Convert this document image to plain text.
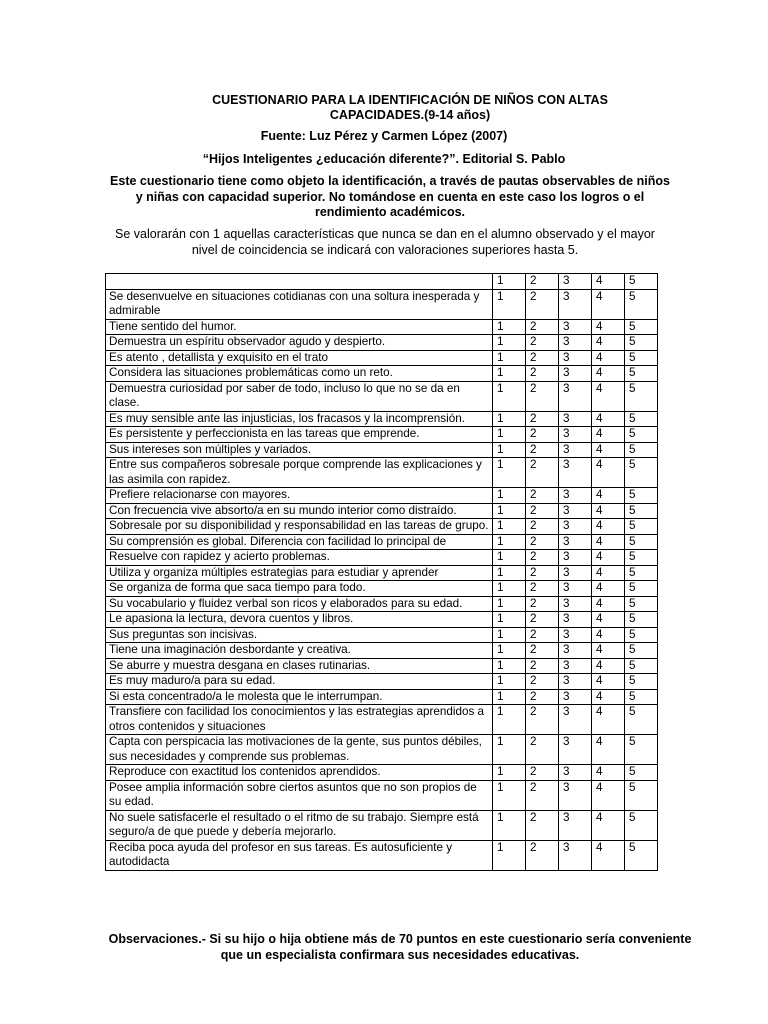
CUESTIONARIO PARA LA IDENTIFICACIÓN DE NIÑOS CON ALTAS CAPACIDADES.(9-14 años)
Fuente: Luz Pérez y Carmen López (2007)
“Hijos Inteligentes ¿educación diferente?”. Editorial S. Pablo
Este cuestionario tiene como objeto la identificación, a través de pautas observables de niños y niñas con capacidad superior. No tomándose en cuenta en este caso los logros o el rendimiento académicos.
Se valorarán con 1 aquellas características que nunca se dan en el alumno observado y el mayor nivel de coincidencia se indicará con valoraciones superiores hasta 5.
	1	2	3	4	5
Se desenvuelve en situaciones cotidianas con una soltura inesperada y admirable	1	2	3	4	5
Tiene sentido del humor.	1	2	3	4	5
Demuestra un espíritu observador agudo y despierto.	1	2	3	4	5
Es atento , detallista y exquisito en el trato	1	2	3	4	5
Considera las situaciones problemáticas como un reto.	1	2	3	4	5
Demuestra curiosidad por saber de todo, incluso lo que no se da en clase.	1	2	3	4	5
Es muy sensible ante las injusticias, los fracasos y la incomprensión.	1	2	3	4	5
Es persistente y perfeccionista en las tareas que emprende.	1	2	3	4	5
Sus intereses son múltiples y variados.	1	2	3	4	5
Entre sus compañeros sobresale porque comprende las explicaciones y las asimila con rapidez.	1	2	3	4	5
Prefiere relacionarse con mayores.	1	2	3	4	5
Con frecuencia vive absorto/a en su mundo interior como distraído.	1	2	3	4	5
Sobresale por su disponibilidad y responsabilidad en las tareas de grupo.	1	2	3	4	5
Su comprensión es global. Diferencia con facilidad lo principal de	1	2	3	4	5
Resuelve con rapidez y acierto problemas.	1	2	3	4	5
Utiliza y organiza múltiples estrategias para estudiar y aprender	1	2	3	4	5
Se organiza de forma que saca tiempo para todo.	1	2	3	4	5
Su vocabulario y fluidez verbal son ricos y elaborados para su edad.	1	2	3	4	5
Le apasiona la lectura, devora cuentos y libros.	1	2	3	4	5
Sus preguntas son incisivas.	1	2	3	4	5
Tiene una imaginación desbordante y creativa.	1	2	3	4	5
Se aburre y muestra desgana en clases rutinarias.	1	2	3	4	5
Es muy maduro/a para su edad.	1	2	3	4	5
Si esta concentrado/a le molesta que le interrumpan.	1	2	3	4	5
Transfiere con facilidad los conocimientos y las estrategias aprendidos a otros contenidos y situaciones	1	2	3	4	5
Capta con perspicacia las motivaciones de la gente, sus puntos débiles, sus necesidades y comprende sus problemas.	1	2	3	4	5
Reproduce con exactitud los contenidos aprendidos.	1	2	3	4	5
Posee amplia información sobre ciertos asuntos que no son propios de su edad.	1	2	3	4	5
No suele satisfacerle el resultado o el ritmo de su trabajo. Siempre está seguro/a de que puede y debería mejorarlo.	1	2	3	4	5
Reciba poca ayuda del profesor en sus tareas. Es autosuficiente y autodidacta	1	2	3	4	5
Observaciones.- Si su hijo o hija obtiene más de 70 puntos en este cuestionario sería conveniente que un especialista confirmara sus necesidades educativas.
